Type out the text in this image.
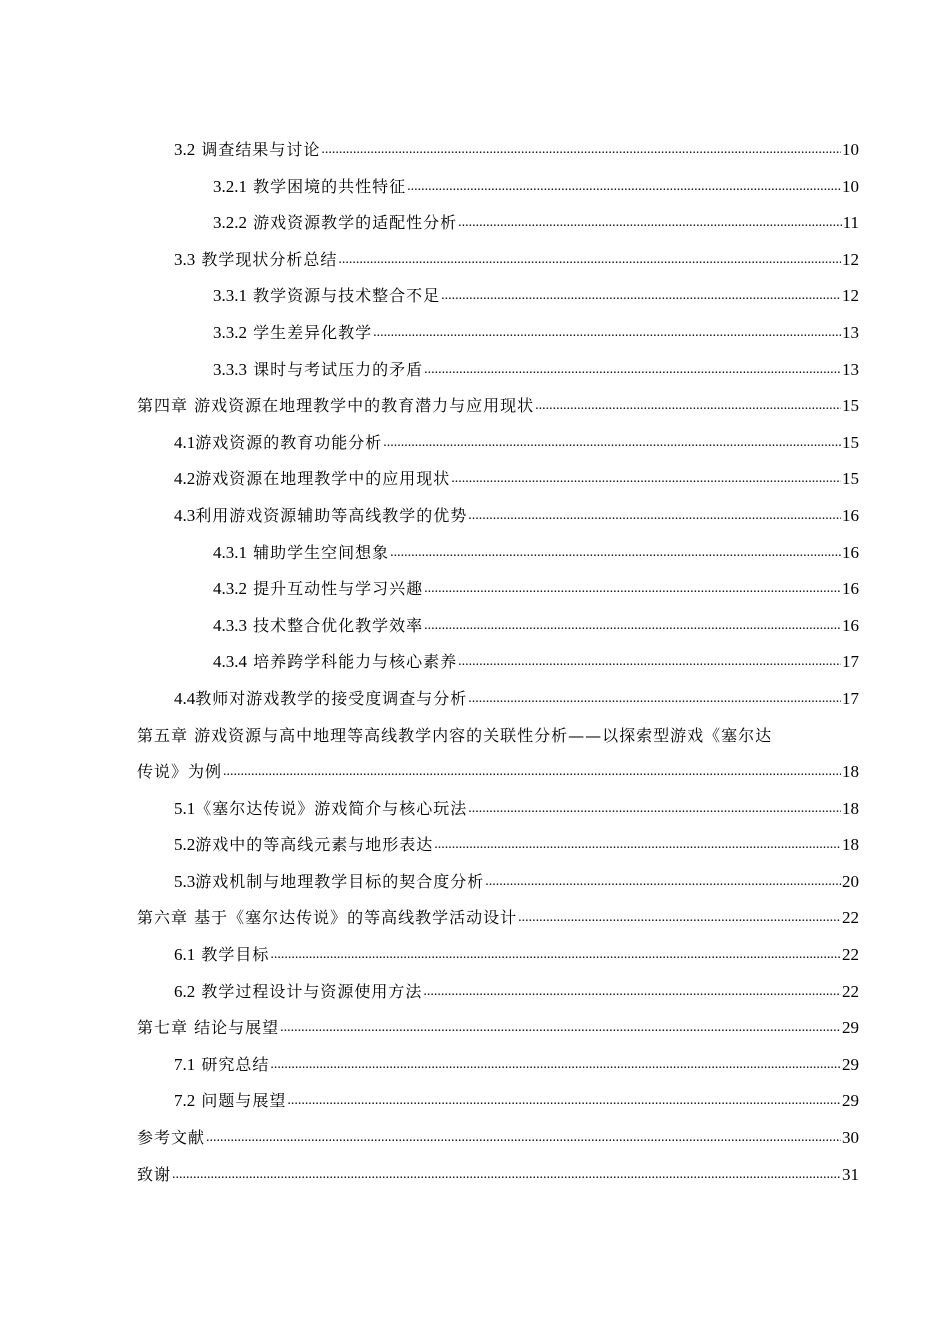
3.2 调查结果与讨论 .....	10
3.2.1 教学困境的共性特征 .....	10
3.2.2 游戏资源教学的适配性分析 .....	11
3.3 教学现状分析总结 .....	12
3.3.1 教学资源与技术整合不足 .....	12
3.3.2 学生差异化教学 .....	13
3.3.3 课时与考试压力的矛盾 .....	13
第四章 游戏资源在地理教学中的教育潜力与应用现状 .....	15
4.1游戏资源的教育功能分析 .....	15
4.2游戏资源在地理教学中的应用现状 .....	15
4.3利用游戏资源辅助等高线教学的优势 .....	16
4.3.1 辅助学生空间想象 .....	16
4.3.2 提升互动性与学习兴趣 .....	16
4.3.3 技术整合优化教学效率 .....	16
4.3.4 培养跨学科能力与核心素养 .....	17
4.4教师对游戏教学的接受度调查与分析 .....	17
第五章 游戏资源与高中地理等高线教学内容的关联性分析——以探索型游戏《塞尔达
传说》为例 .....	18
5.1《塞尔达传说》游戏简介与核心玩法 .....	18
5.2游戏中的等高线元素与地形表达 .....	18
5.3游戏机制与地理教学目标的契合度分析 .....	20
第六章 基于《塞尔达传说》的等高线教学活动设计 .....	22
6.1 教学目标 .....	22
6.2 教学过程设计与资源使用方法 .....	22
第七章 结论与展望 .....	29
7.1 研究总结 .....	29
7.2 问题与展望 .....	29
参考文献 .....	30
致谢 .....	31
